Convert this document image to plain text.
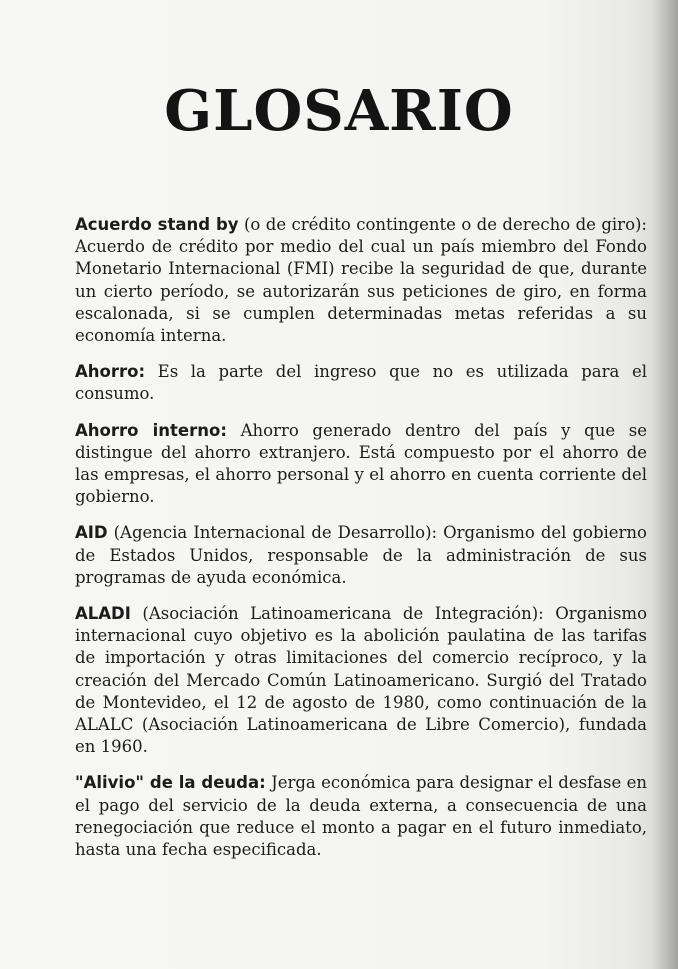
GLOSARIO

Acuerdo stand by (o de crédito contingente o de derecho de giro): Acuerdo de crédito por medio del cual un país miembro del Fondo Monetario Internacional (FMI) recibe la seguridad de que, durante un cierto período, se autorizarán sus peticiones de giro, en forma escalonada, si se cumplen determinadas metas referidas a su economía interna.

Ahorro: Es la parte del ingreso que no es utilizada para el consumo.

Ahorro interno: Ahorro generado dentro del país y que se distingue del ahorro extranjero. Está compuesto por el ahorro de las empresas, el ahorro personal y el ahorro en cuenta corriente del gobierno.

AID (Agencia Internacional de Desarrollo): Organismo del gobierno de Estados Unidos, responsable de la administración de sus programas de ayuda económica.

ALADI (Asociación Latinoamericana de Integración): Organismo internacional cuyo objetivo es la abolición paulatina de las tarifas de importación y otras limitaciones del comercio recíproco, y la creación del Mercado Común Latinoamericano. Surgió del Tratado de Montevideo, el 12 de agosto de 1980, como continuación de la ALALC (Asociación Latinoamericana de Libre Comercio), fundada en 1960.

"Alivio" de la deuda: Jerga económica para designar el desfase en el pago del servicio de la deuda externa, a consecuencia de una renegociación que reduce el monto a pagar en el futuro inmediato, hasta una fecha especificada.
